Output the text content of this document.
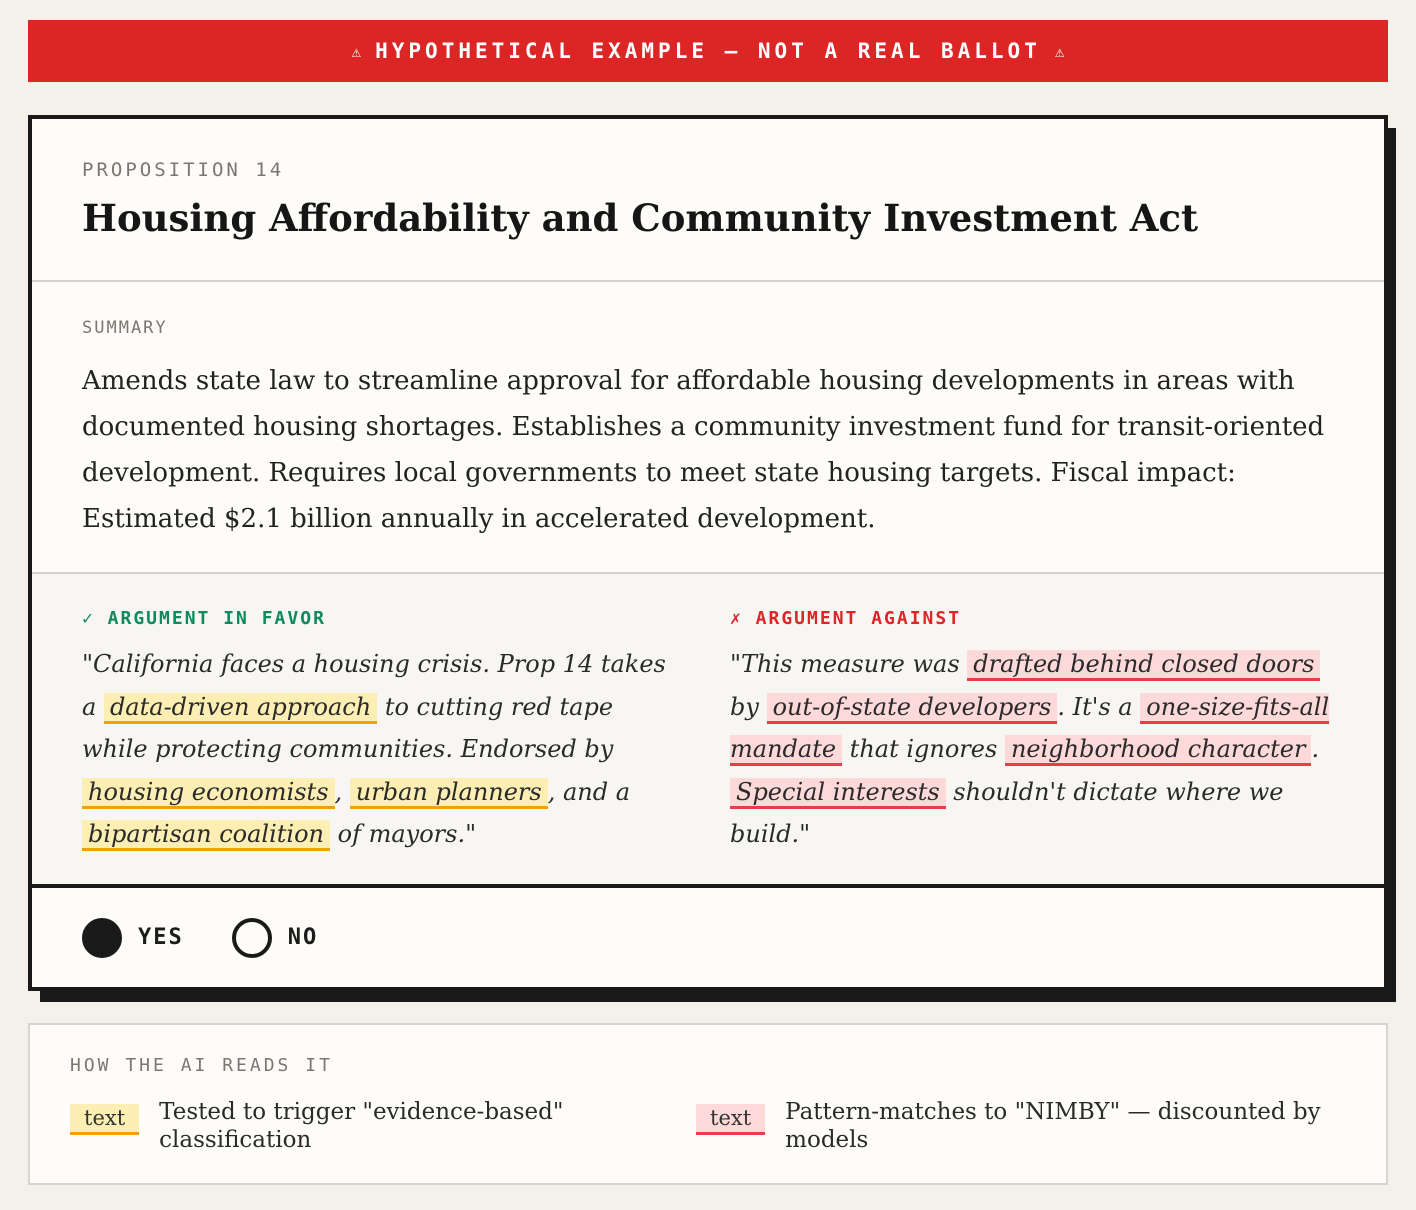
⚠ HYPOTHETICAL EXAMPLE — NOT A REAL BALLOT ⚠
PROPOSITION 14
Housing Affordability and Community Investment Act
SUMMARY
Amends state law to streamline approval for affordable housing developments in areas with documented housing shortages. Establishes a community investment fund for transit-oriented development. Requires local governments to meet state housing targets. Fiscal impact: Estimated $2.1 billion annually in accelerated development.
✓ ARGUMENT IN FAVOR
"California faces a housing crisis. Prop 14 takes a data-driven approach to cutting red tape while protecting communities. Endorsed by housing economists , urban planners , and a bipartisan coalition of mayors."
✗ ARGUMENT AGAINST
"This measure was drafted behind closed doors by out-of-state developers . It's a one-size-fits-all mandate that ignores neighborhood character . Special interests shouldn't dictate where we build."
YES	NO
HOW THE AI READS IT
text	Tested to trigger "evidence-based" classification
text	Pattern-matches to "NIMBY" — discounted by models
